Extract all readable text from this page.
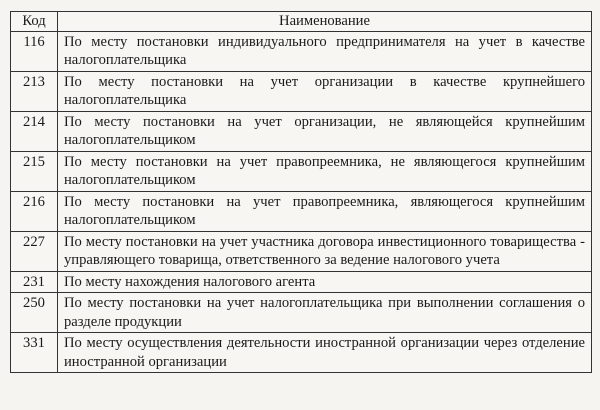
Код	Наименование
116	По месту постановки индивидуального предпринимателя на учет в качестве налогоплательщика
213	По месту постановки на учет организации в качестве крупнейшего налогоплательщика
214	По месту постановки на учет организации, не являющейся крупнейшим налогоплательщиком
215	По месту постановки на учет правопреемника, не являющегося крупнейшим налогоплательщиком
216	По месту постановки на учет правопреемника, являющегося крупнейшим налогоплательщиком
227	По месту постановки на учет участника договора инвестиционного товарищества - управляющего товарища, ответственного за ведение налогового учета
231	По месту нахождения налогового агента
250	По месту постановки на учет налогоплательщика при выполнении соглашения о разделе продукции
331	По месту осуществления деятельности иностранной организации через отделение иностранной организации
